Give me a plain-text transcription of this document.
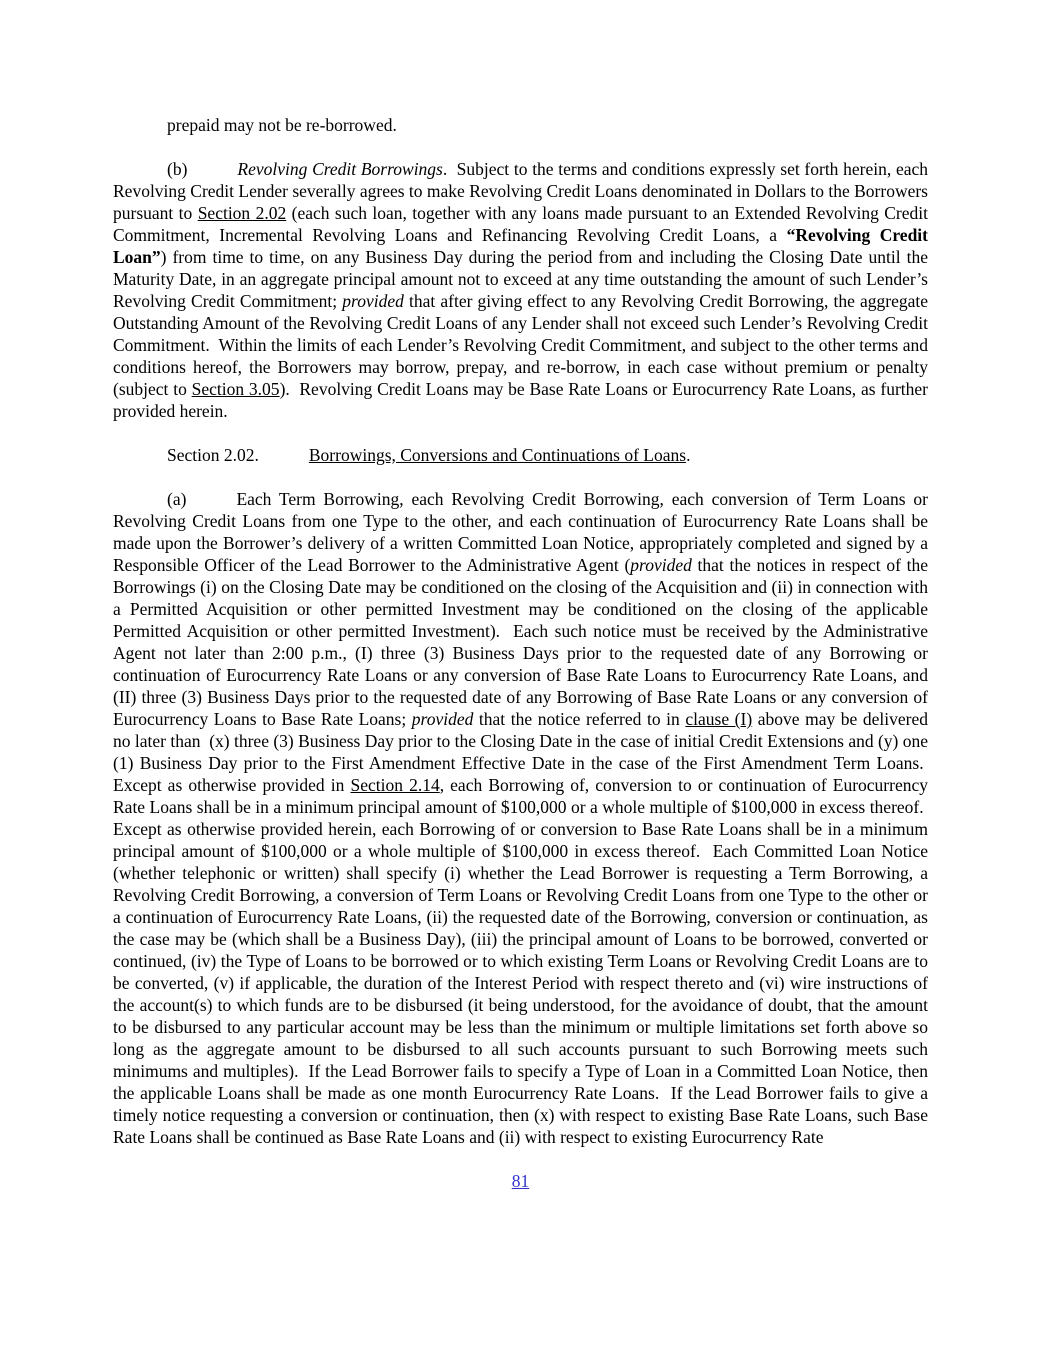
prepaid may not be re-borrowed.

(b)	Revolving Credit Borrowings.  Subject to the terms and conditions expressly set forth herein, each Revolving Credit Lender severally agrees to make Revolving Credit Loans denominated in Dollars to the Borrowers pursuant to Section 2.02 (each such loan, together with any loans made pursuant to an Extended Revolving Credit Commitment, Incremental Revolving Loans and Refinancing Revolving Credit Loans, a “Revolving Credit Loan”) from time to time, on any Business Day during the period from and including the Closing Date until the Maturity Date, in an aggregate principal amount not to exceed at any time outstanding the amount of such Lender’s Revolving Credit Commitment; provided that after giving effect to any Revolving Credit Borrowing, the aggregate Outstanding Amount of the Revolving Credit Loans of any Lender shall not exceed such Lender’s Revolving Credit Commitment.  Within the limits of each Lender’s Revolving Credit Commitment, and subject to the other terms and conditions hereof, the Borrowers may borrow, prepay, and re-borrow, in each case without premium or penalty (subject to Section 3.05).  Revolving Credit Loans may be Base Rate Loans or Eurocurrency Rate Loans, as further provided herein.

Section 2.02.	Borrowings, Conversions and Continuations of Loans.

(a)	Each Term Borrowing, each Revolving Credit Borrowing, each conversion of Term Loans or Revolving Credit Loans from one Type to the other, and each continuation of Eurocurrency Rate Loans shall be made upon the Borrower’s delivery of a written Committed Loan Notice, appropriately completed and signed by a Responsible Officer of the Lead Borrower to the Administrative Agent (provided that the notices in respect of the Borrowings (i) on the Closing Date may be conditioned on the closing of the Acquisition and (ii) in connection with a Permitted Acquisition or other permitted Investment may be conditioned on the closing of the applicable Permitted Acquisition or other permitted Investment).  Each such notice must be received by the Administrative Agent not later than 2:00 p.m., (I) three (3) Business Days prior to the requested date of any Borrowing or continuation of Eurocurrency Rate Loans or any conversion of Base Rate Loans to Eurocurrency Rate Loans, and (II) three (3) Business Days prior to the requested date of any Borrowing of Base Rate Loans or any conversion of Eurocurrency Loans to Base Rate Loans; provided that the notice referred to in clause (I) above may be delivered no later than  (x) three (3) Business Day prior to the Closing Date in the case of initial Credit Extensions and (y) one (1) Business Day prior to the First Amendment Effective Date in the case of the First Amendment Term Loans.  Except as otherwise provided in Section 2.14, each Borrowing of, conversion to or continuation of Eurocurrency Rate Loans shall be in a minimum principal amount of $100,000 or a whole multiple of $100,000 in excess thereof.  Except as otherwise provided herein, each Borrowing of or conversion to Base Rate Loans shall be in a minimum principal amount of $100,000 or a whole multiple of $100,000 in excess thereof.  Each Committed Loan Notice (whether telephonic or written) shall specify (i) whether the Lead Borrower is requesting a Term Borrowing, a Revolving Credit Borrowing, a conversion of Term Loans or Revolving Credit Loans from one Type to the other or a continuation of Eurocurrency Rate Loans, (ii) the requested date of the Borrowing, conversion or continuation, as the case may be (which shall be a Business Day), (iii) the principal amount of Loans to be borrowed, converted or continued, (iv) the Type of Loans to be borrowed or to which existing Term Loans or Revolving Credit Loans are to be converted, (v) if applicable, the duration of the Interest Period with respect thereto and (vi) wire instructions of the account(s) to which funds are to be disbursed (it being understood, for the avoidance of doubt, that the amount to be disbursed to any particular account may be less than the minimum or multiple limitations set forth above so long as the aggregate amount to be disbursed to all such accounts pursuant to such Borrowing meets such minimums and multiples).  If the Lead Borrower fails to specify a Type of Loan in a Committed Loan Notice, then the applicable Loans shall be made as one month Eurocurrency Rate Loans.  If the Lead Borrower fails to give a timely notice requesting a conversion or continuation, then (x) with respect to existing Base Rate Loans, such Base Rate Loans shall be continued as Base Rate Loans and (ii) with respect to existing Eurocurrency Rate

81
